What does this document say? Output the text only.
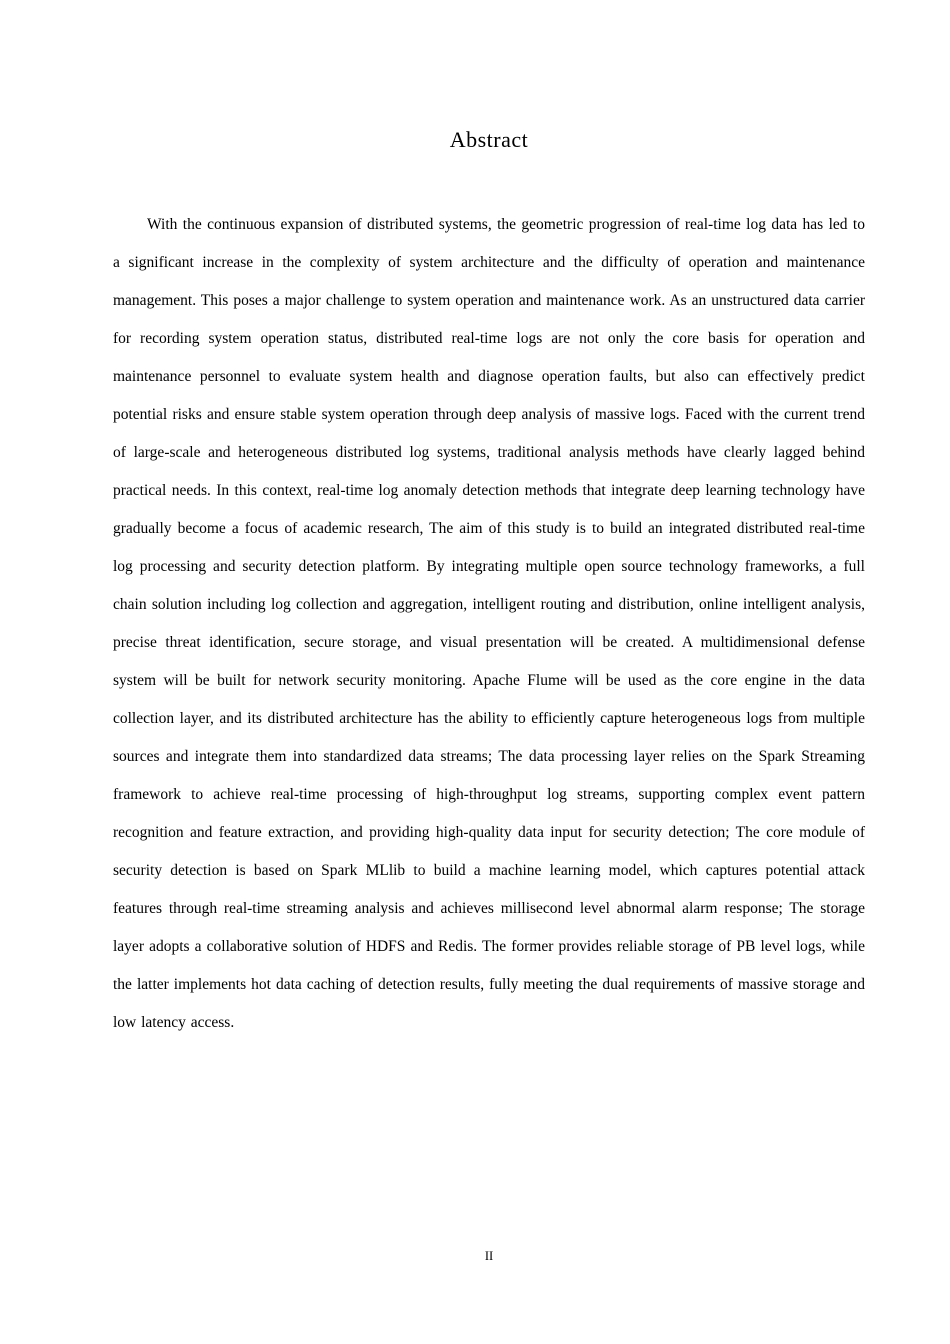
Abstract

With the continuous expansion of distributed systems, the geometric progression of real-time log data has led to a significant increase in the complexity of system architecture and the difficulty of operation and maintenance management. This poses a major challenge to system operation and maintenance work. As an unstructured data carrier for recording system operation status, distributed real-time logs are not only the core basis for operation and maintenance personnel to evaluate system health and diagnose operation faults, but also can effectively predict potential risks and ensure stable system operation through deep analysis of massive logs. Faced with the current trend of large-scale and heterogeneous distributed log systems, traditional analysis methods have clearly lagged behind practical needs. In this context, real-time log anomaly detection methods that integrate deep learning technology have gradually become a focus of academic research, The aim of this study is to build an integrated distributed real-time log processing and security detection platform. By integrating multiple open source technology frameworks, a full chain solution including log collection and aggregation, intelligent routing and distribution, online intelligent analysis, precise threat identification, secure storage, and visual presentation will be created. A multidimensional defense system will be built for network security monitoring. Apache Flume will be used as the core engine in the data collection layer, and its distributed architecture has the ability to efficiently capture heterogeneous logs from multiple sources and integrate them into standardized data streams; The data processing layer relies on the Spark Streaming framework to achieve real-time processing of high-throughput log streams, supporting complex event pattern recognition and feature extraction, and providing high-quality data input for security detection; The core module of security detection is based on Spark MLlib to build a machine learning model, which captures potential attack features through real-time streaming analysis and achieves millisecond level abnormal alarm response; The storage layer adopts a collaborative solution of HDFS and Redis. The former provides reliable storage of PB level logs, while the latter implements hot data caching of detection results, fully meeting the dual requirements of massive storage and low latency access.

II
